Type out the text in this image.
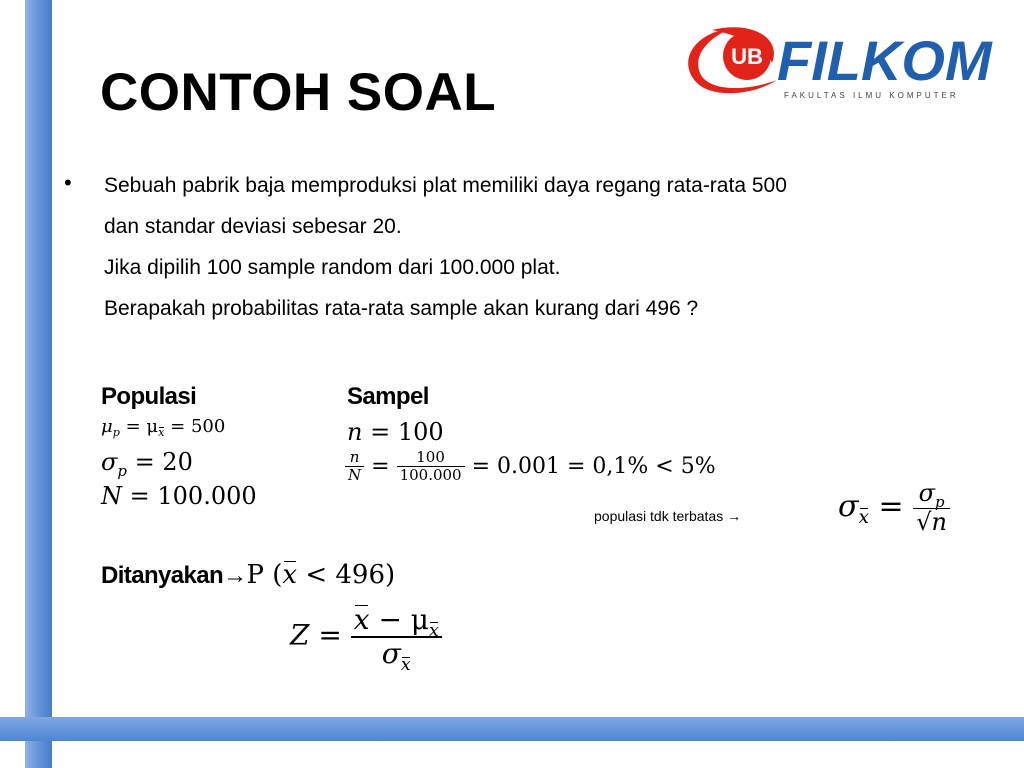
UB FILKOM
FAKULTAS ILMU KOMPUTER
CONTOH SOAL
• Sebuah pabrik baja memproduksi plat memiliki daya regang rata-rata 500
dan standar deviasi sebesar 20.
Jika dipilih 100 sample random dari 100.000 plat.
Berapakah probabilitas rata-rata sample akan kurang dari 496 ?
Populasi
$\mu_p = \mu_x = 500$
$\sigma_p = 20$
N = 100.000
Sampel
n = 100
$\frac{n}{N} = \frac{100}{100.000} = 0.001 = 0,1\% < 5\%$
populasi tdk terbatas →	$\sigma_x = \frac{\sigma_p}{√n}$
Ditanyakan→P (x < 496)
$Z = \frac{x - \mu_x}{\sigma_x}$
